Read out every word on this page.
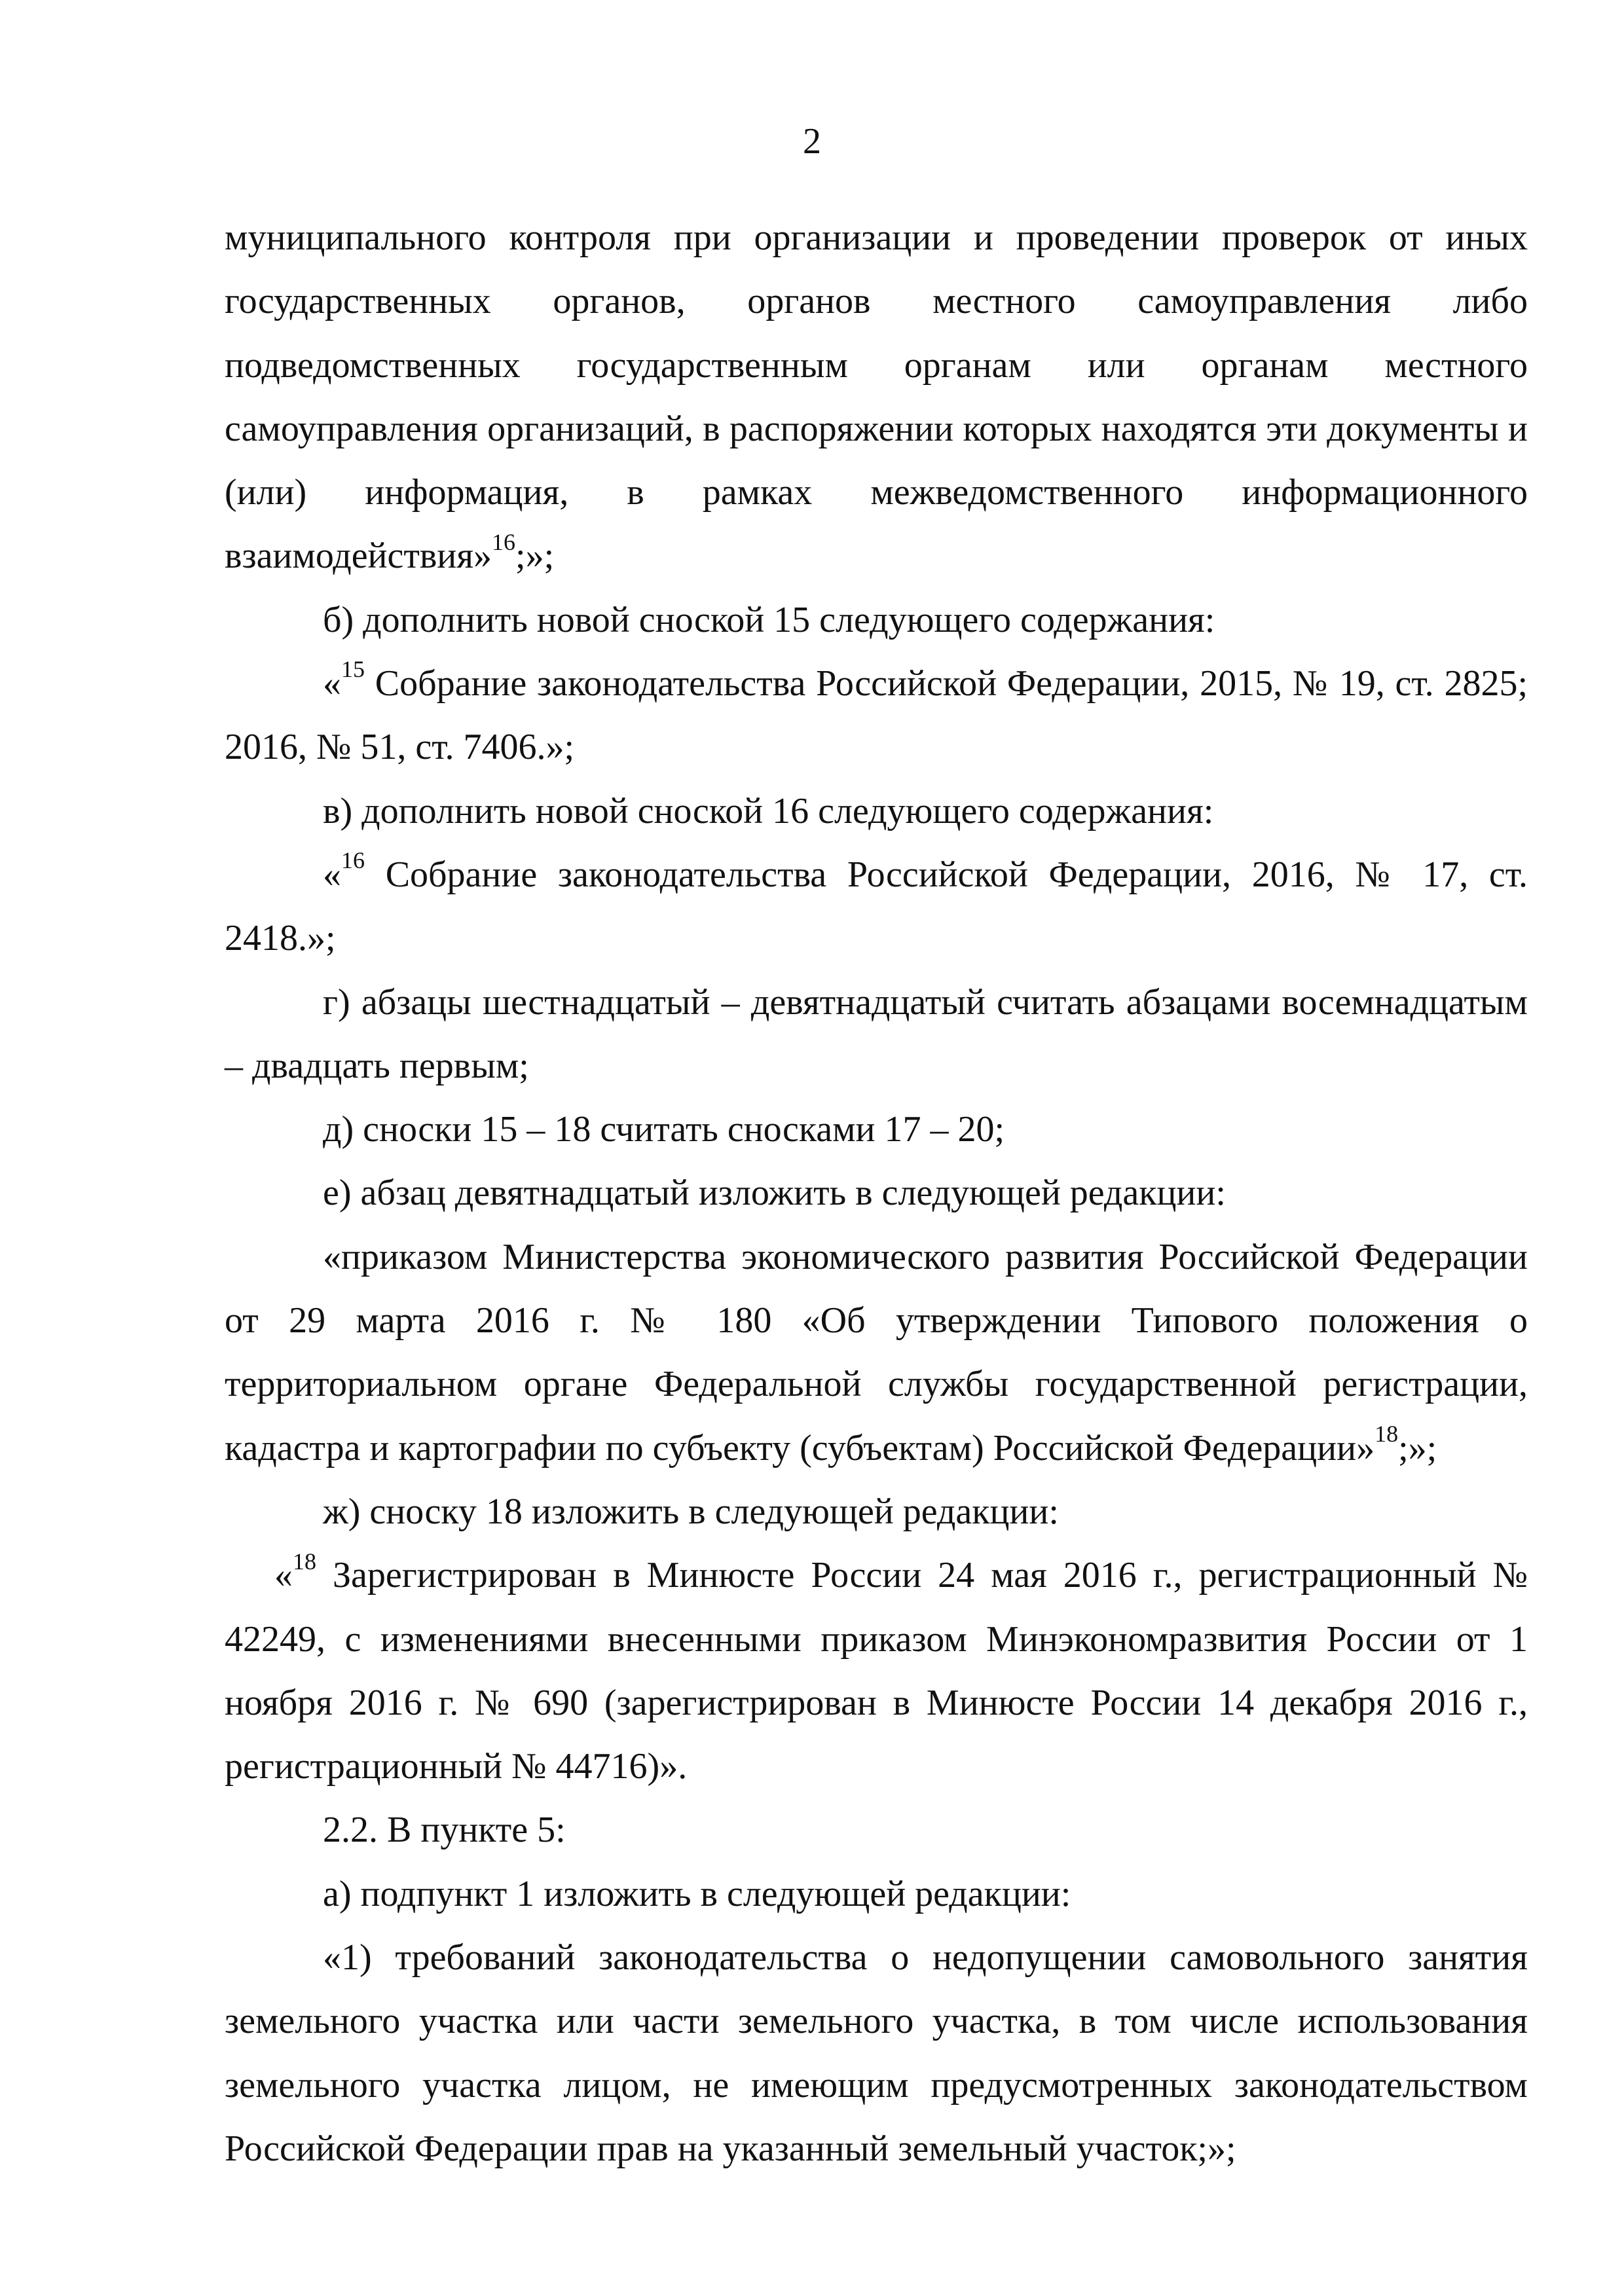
2

муниципального контроля при организации и проведении проверок от иных государственных органов, органов местного самоуправления либо подведомственных государственным органам или органам местного самоуправления организаций, в распоряжении которых находятся эти документы и (или) информация, в рамках межведомственного информационного взаимодействия»$^{16}$;»;

б) дополнить новой сноской 15 следующего содержания:

«$^{15}$ Собрание законодательства Российской Федерации, 2015, № 19, ст. 2825; 2016, № 51, ст. 7406.»;

в) дополнить новой сноской 16 следующего содержания:

«$^{16}$ Собрание законодательства Российской Федерации, 2016, № 17, ст. 2418.»;

г) абзацы шестнадцатый – девятнадцатый считать абзацами восемнадцатым – двадцать первым;

д) сноски 15 – 18 считать сносками 17 – 20;

е) абзац девятнадцатый изложить в следующей редакции:

«приказом Министерства экономического развития Российской Федерации от 29 марта 2016 г. № 180 «Об утверждении Типового положения о территориальном органе Федеральной службы государственной регистрации, кадастра и картографии по субъекту (субъектам) Российской Федерации»$^{18}$;»;

ж) сноску 18 изложить в следующей редакции:

«$^{18}$ Зарегистрирован в Минюсте России 24 мая 2016 г., регистрационный № 42249, с изменениями внесенными приказом Минэкономразвития России от 1 ноября 2016 г. № 690 (зарегистрирован в Минюсте России 14 декабря 2016 г., регистрационный № 44716)».

2.2. В пункте 5:

а) подпункт 1 изложить в следующей редакции:

«1) требований законодательства о недопущении самовольного занятия земельного участка или части земельного участка, в том числе использования земельного участка лицом, не имеющим предусмотренных законодательством Российской Федерации прав на указанный земельный участок;»;
